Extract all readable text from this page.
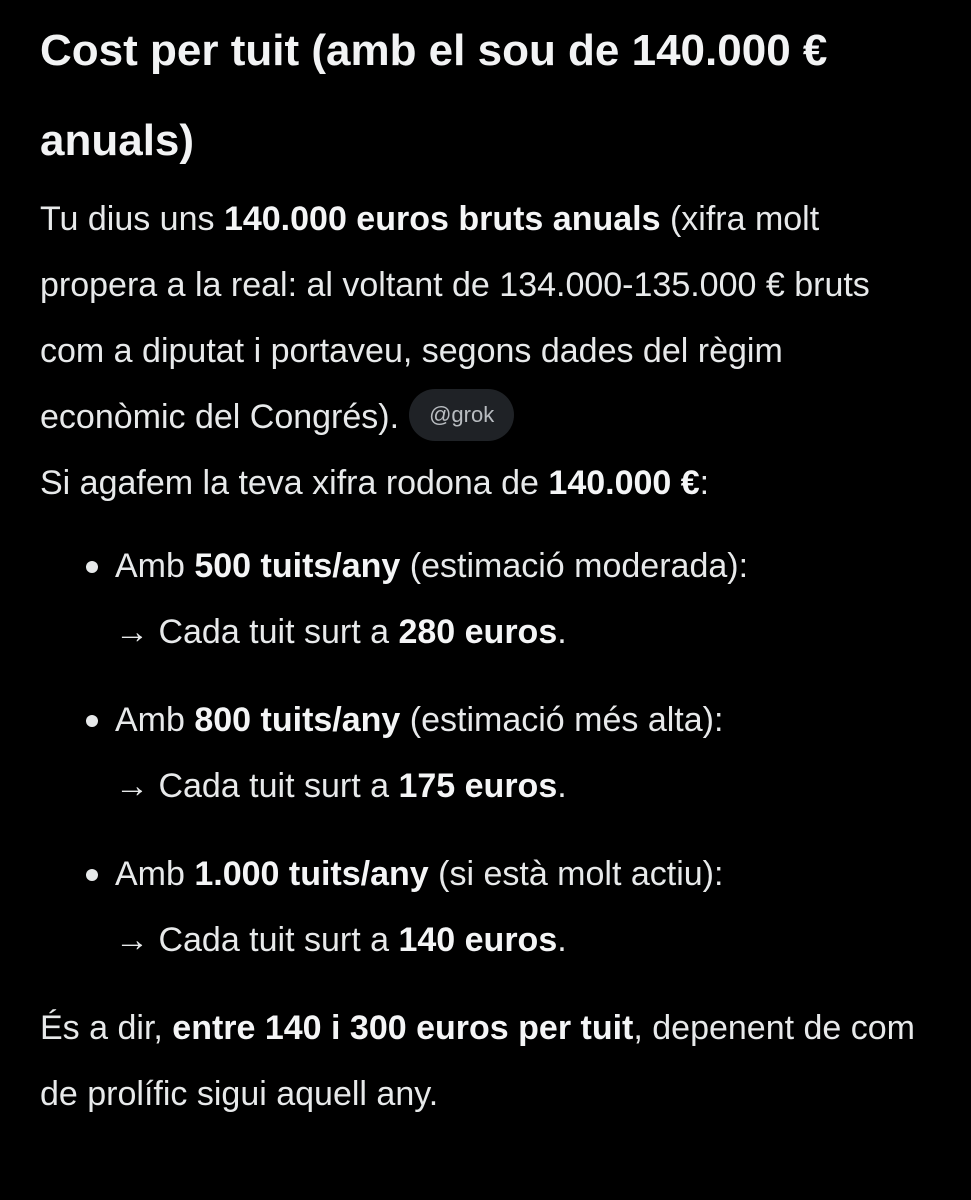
Cost per tuit (amb el sou de 140.000 € anuals)

Tu dius uns 140.000 euros bruts anuals (xifra molt propera a la real: al voltant de 134.000-135.000 € bruts com a diputat i portaveu, segons dades del règim econòmic del Congrés). @grok

Si agafem la teva xifra rodona de 140.000 €:

Amb 500 tuits/any (estimació moderada):
→ Cada tuit surt a 280 euros.
Amb 800 tuits/any (estimació més alta):
→ Cada tuit surt a 175 euros.
Amb 1.000 tuits/any (si està molt actiu):
→ Cada tuit surt a 140 euros.

És a dir, entre 140 i 300 euros per tuit, depenent de com de prolífic sigui aquell any.
